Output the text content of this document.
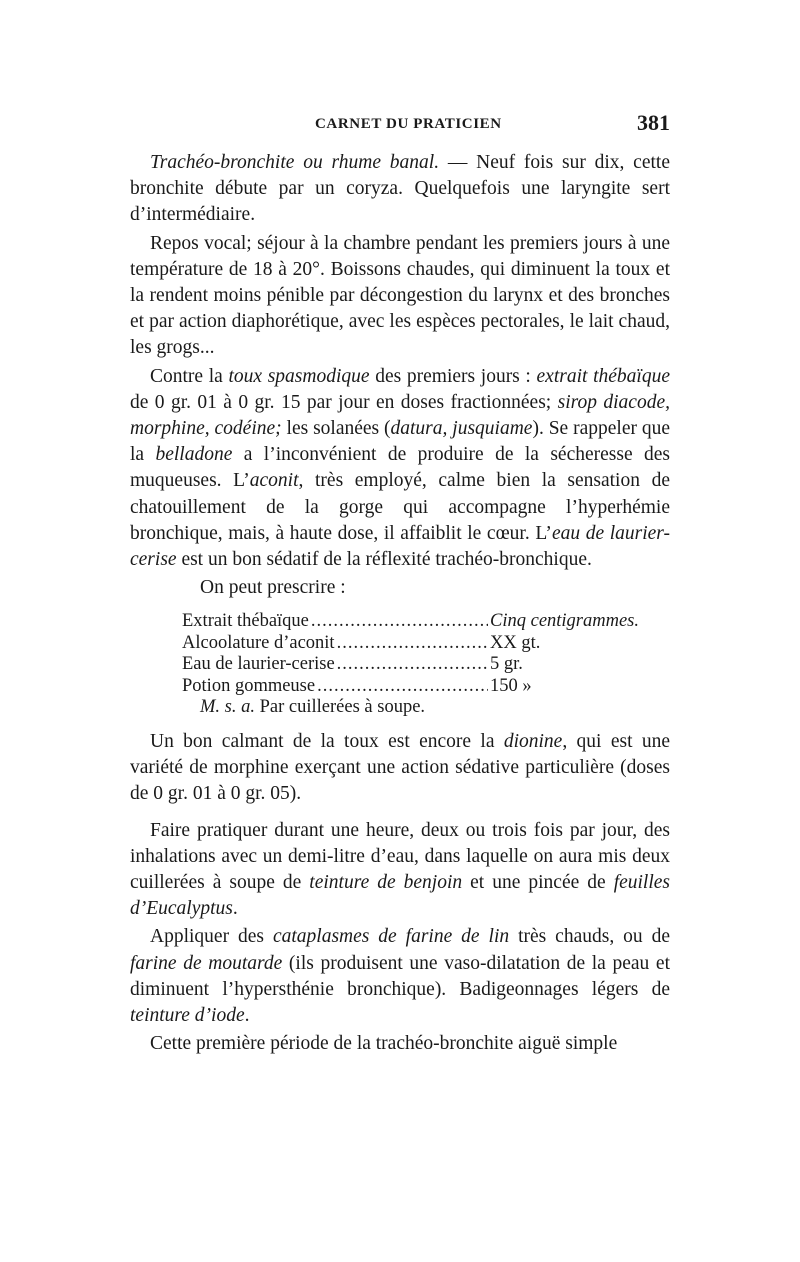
CARNET DU PRATICIEN	381

Trachéo-bronchite ou rhume banal. — Neuf fois sur dix, cette bronchite débute par un coryza. Quelquefois une laryngite sert d’intermédiaire.

Repos vocal; séjour à la chambre pendant les premiers jours à une température de 18 à 20°. Boissons chaudes, qui diminuent la toux et la rendent moins pénible par décongestion du larynx et des bronches et par action diaphorétique, avec les espèces pectorales, le lait chaud, les grogs...

Contre la toux spasmodique des premiers jours : extrait thébaïque de 0 gr. 01 à 0 gr. 15 par jour en doses fractionnées; sirop diacode, morphine, codéine; les solanées (datura, jusquiame). Se rappeler que la belladone a l’inconvénient de produire de la sécheresse des muqueuses. L’aconit, très employé, calme bien la sensation de chatouillement de la gorge qui accompagne l’hyperhémie bronchique, mais, à haute dose, il affaiblit le cœur. L’eau de laurier-cerise est un bon sédatif de la réflexité trachéo-bronchique.

On peut prescrire :

Extrait thébaïque .....	Cinq centigrammes.
Alcoolature d’aconit .....	XX gt.
Eau de laurier-cerise .....	5 gr.
Potion gommeuse .....	150 »
M. s. a. Par cuillerées à soupe.

Un bon calmant de la toux est encore la dionine, qui est une variété de morphine exerçant une action sédative particulière (doses de 0 gr. 01 à 0 gr. 05).

Faire pratiquer durant une heure, deux ou trois fois par jour, des inhalations avec un demi-litre d’eau, dans laquelle on aura mis deux cuillerées à soupe de teinture de benjoin et une pincée de feuilles d’Eucalyptus.

Appliquer des cataplasmes de farine de lin très chauds, ou de farine de moutarde (ils produisent une vaso-dilatation de la peau et diminuent l’hypersthénie bronchique). Badigeonnages légers de teinture d’iode.

Cette première période de la trachéo-bronchite aiguë simple
